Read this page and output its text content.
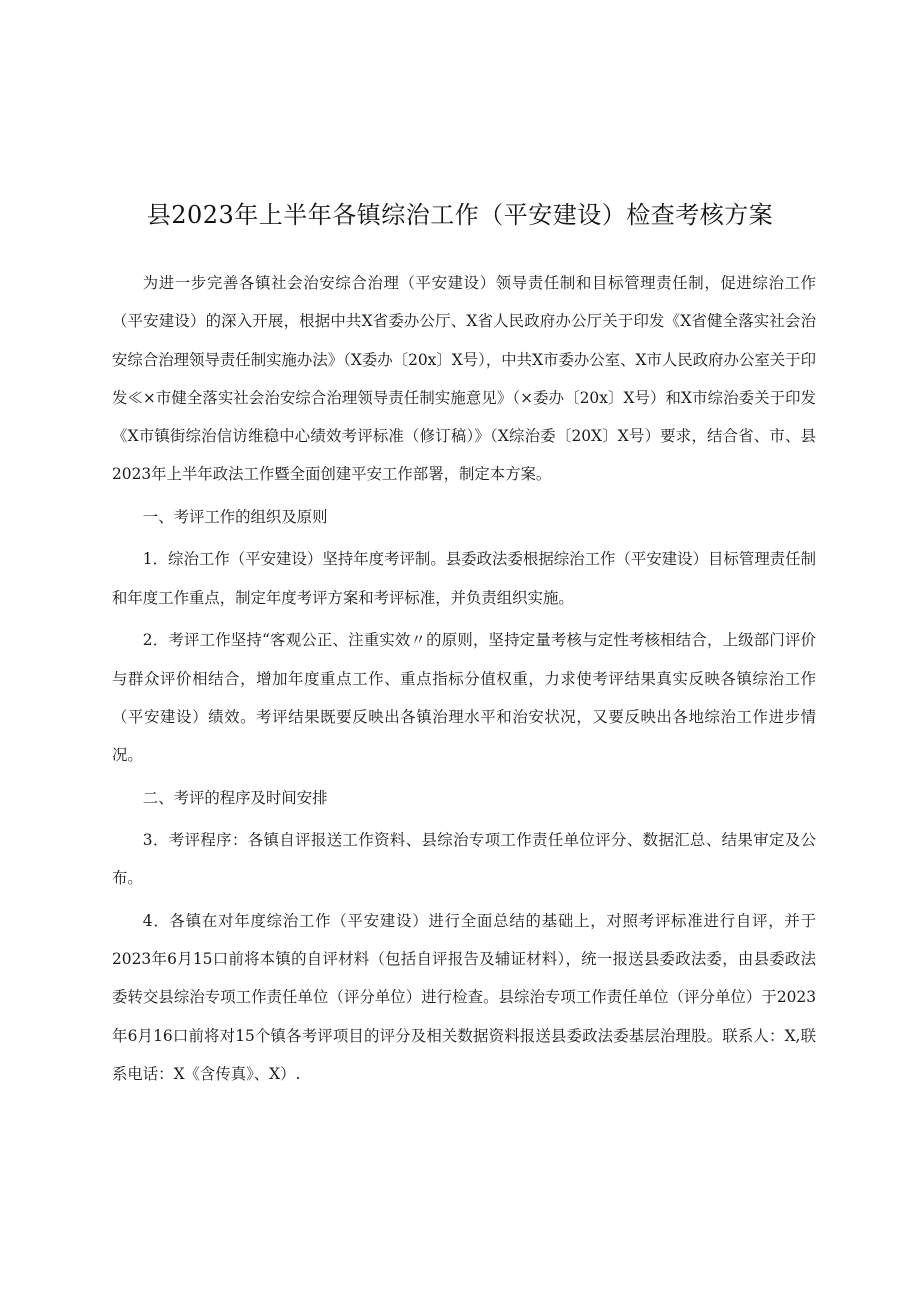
县2023年上半年各镇综治工作（平安建设）检查考核方案

为进一步完善各镇社会治安综合治理（平安建设）领导责任制和目标管理责任制，促进综治工作（平安建设）的深入开展，根据中共X省委办公厅、X省人民政府办公厅关于印发《X省健全落实社会治安综合治理领导责任制实施办法》（X委办〔20x〕X号），中共X市委办公室、X市人民政府办公室关于印发≪×市健全落实社会治安综合治理领导责任制实施意见》（×委办〔20x〕X号）和X市综治委关于印发《X市镇街综治信访维稳中心绩效考评标准（修订稿）》（X综治委〔20X〕X号）要求，结合省、市、县2023年上半年政法工作暨全面创建平安工作部署，制定本方案。

一、考评工作的组织及原则

1．综治工作（平安建设）坚持年度考评制。县委政法委根据综治工作（平安建设）目标管理责任制和年度工作重点，制定年度考评方案和考评标准，并负责组织实施。

2．考评工作坚持“客观公正、注重实效〃的原则，坚持定量考核与定性考核相结合，上级部门评价与群众评价相结合，增加年度重点工作、重点指标分值权重，力求使考评结果真实反映各镇综治工作（平安建设）绩效。考评结果既要反映出各镇治理水平和治安状况，又要反映出各地综治工作进步情况。

二、考评的程序及时间安排

3．考评程序：各镇自评报送工作资料、县综治专项工作责任单位评分、数据汇总、结果审定及公布。

4．各镇在对年度综治工作（平安建设）进行全面总结的基础上，对照考评标准进行自评，并于2023年6月15口前将本镇的自评材料（包括自评报告及辅证材料），统一报送县委政法委，由县委政法委转交县综治专项工作责任单位（评分单位）进行检查。县综治专项工作责任单位（评分单位）于2023年6月16口前将对15个镇各考评项目的评分及相关数据资料报送县委政法委基层治理股。联系人：X,联系电话：X《含传真》、X）.
